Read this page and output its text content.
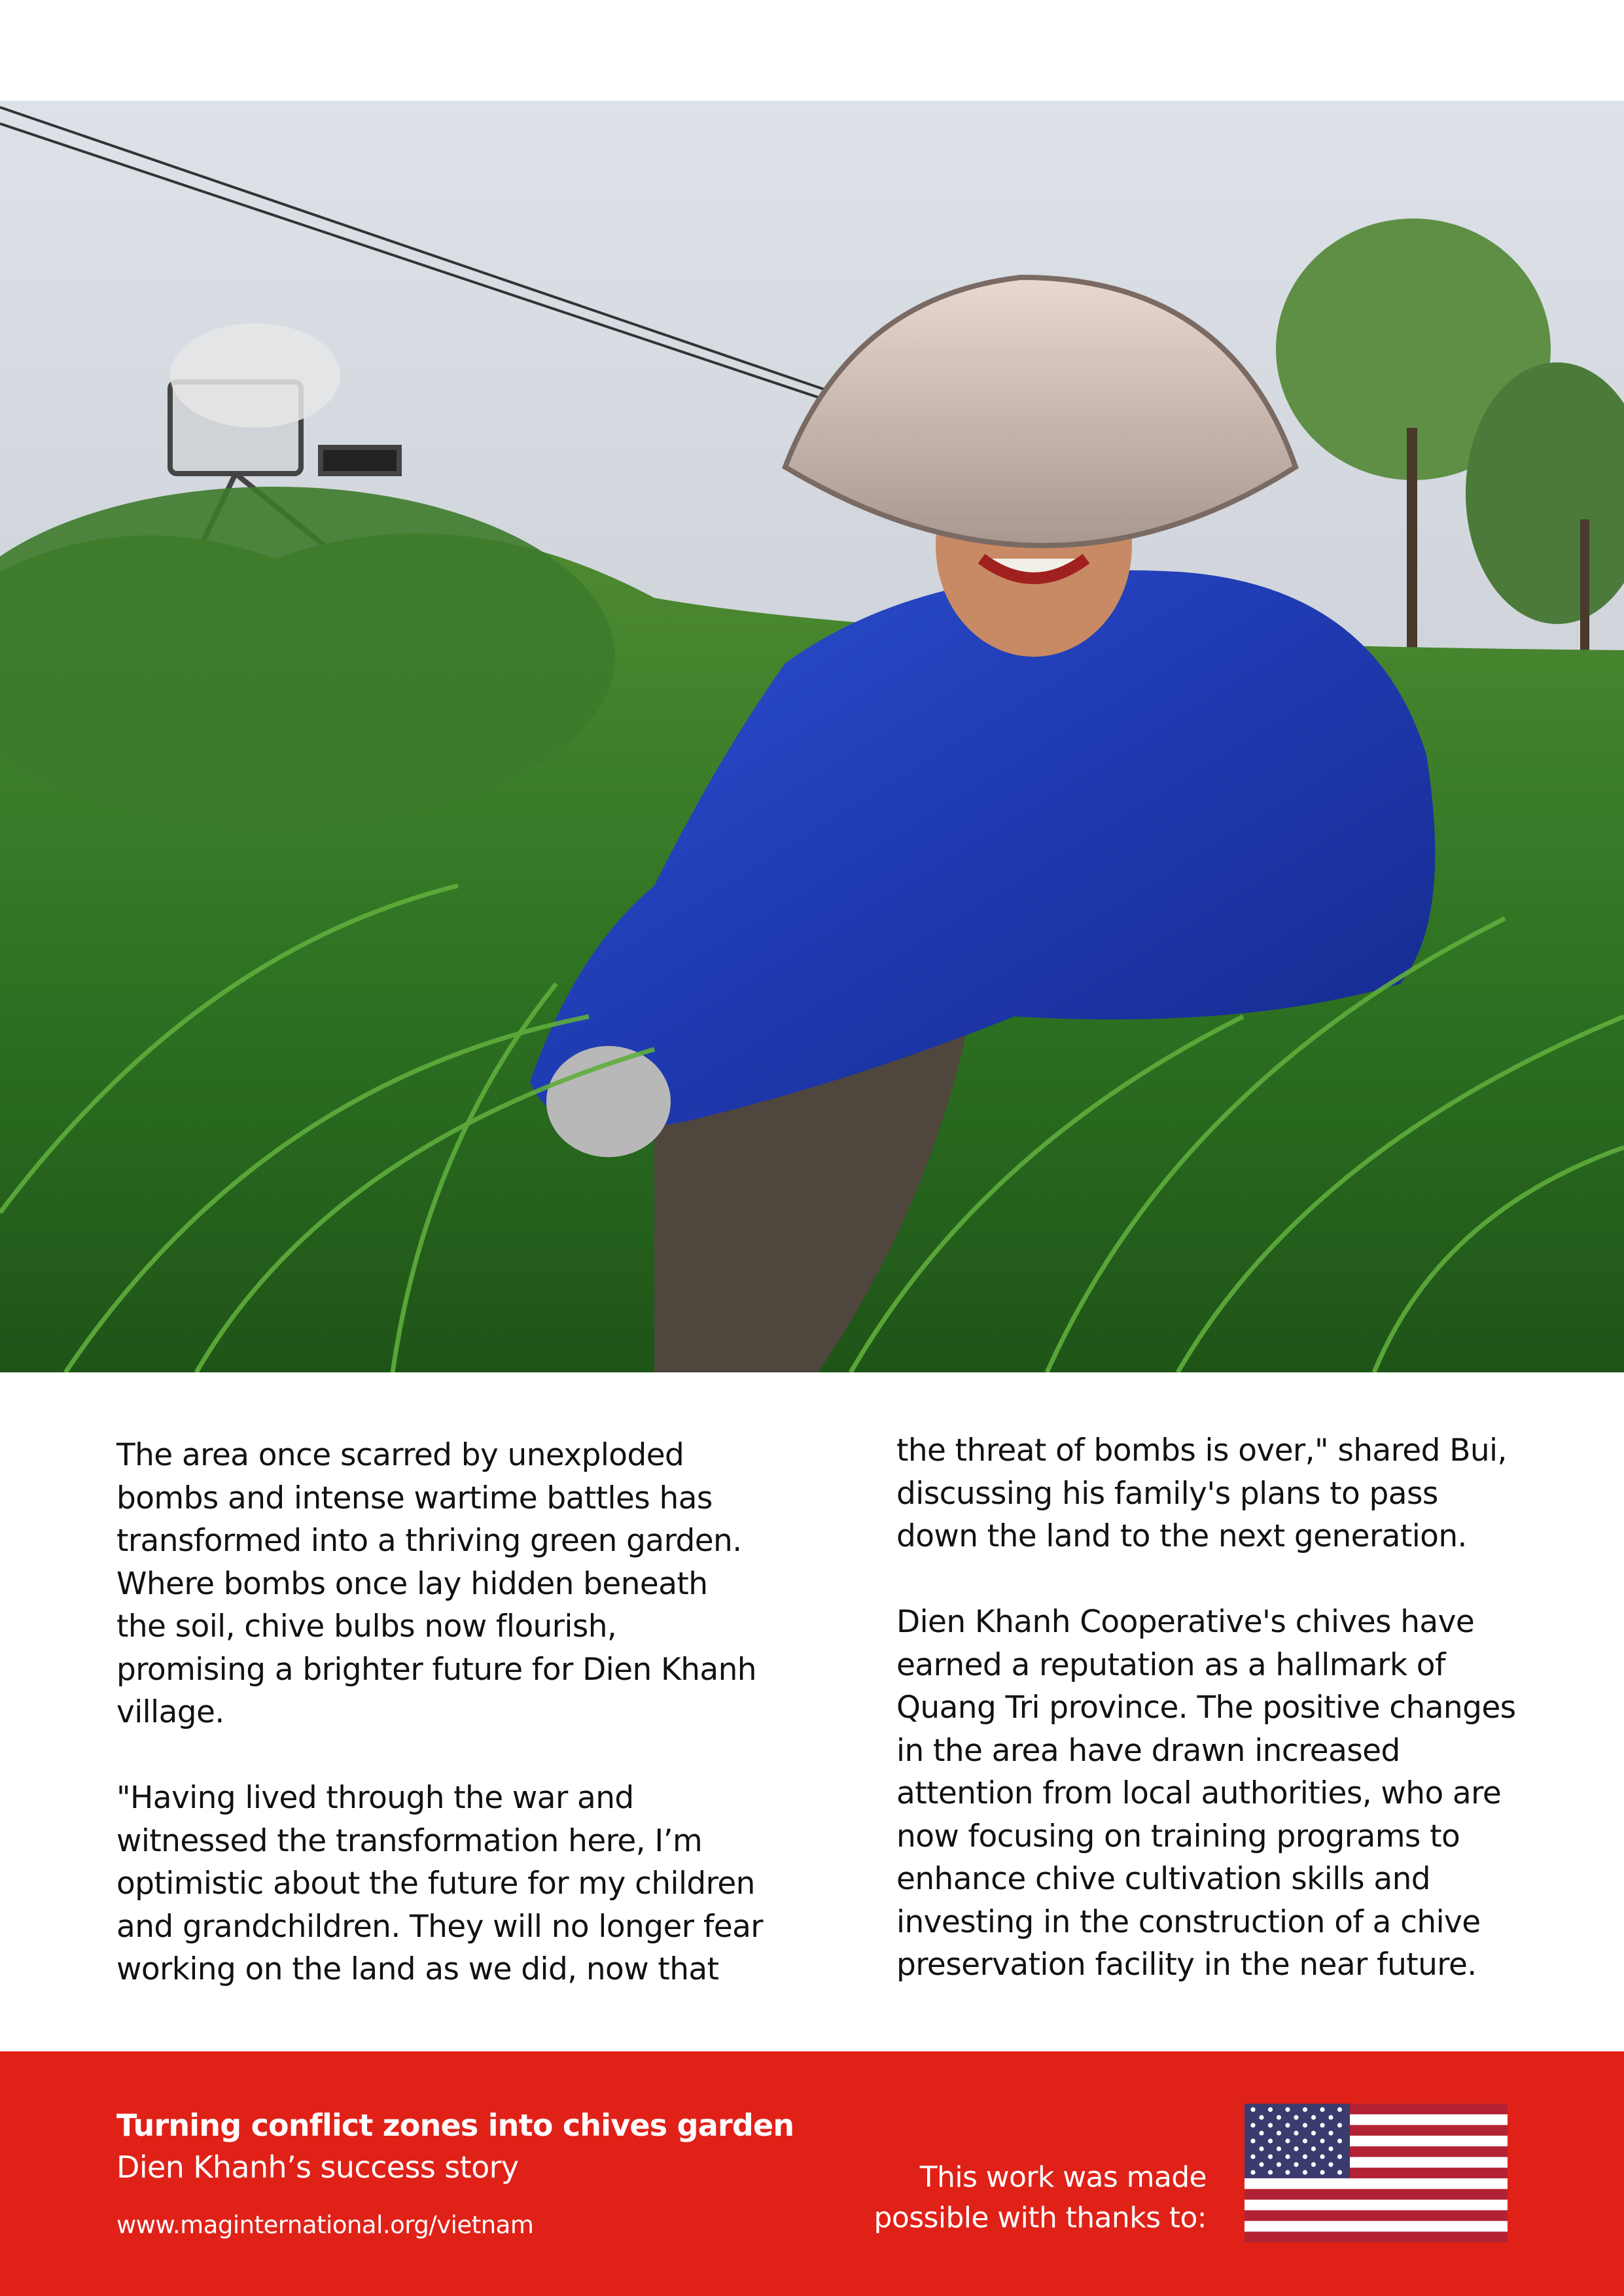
The area once scarred by unexploded
bombs and intense wartime battles has
transformed into a thriving green garden.
Where bombs once lay hidden beneath
the soil, chive bulbs now flourish,
promising a brighter future for Dien Khanh
village.

"Having lived through the war and
witnessed the transformation here, I’m
optimistic about the future for my children
and grandchildren. They will no longer fear
working on the land as we did, now that

the threat of bombs is over," shared Bui,
discussing his family's plans to pass
down the land to the next generation.

Dien Khanh Cooperative's chives have
earned a reputation as a hallmark of
Quang Tri province. The positive changes
in the area have drawn increased
attention from local authorities, who are
now focusing on training programs to
enhance chive cultivation skills and
investing in the construction of a chive
preservation facility in the near future.

Turning conflict zones into chives garden
Dien Khanh’s success story
www.maginternational.org/vietnam
This work was made
possible with thanks to:
